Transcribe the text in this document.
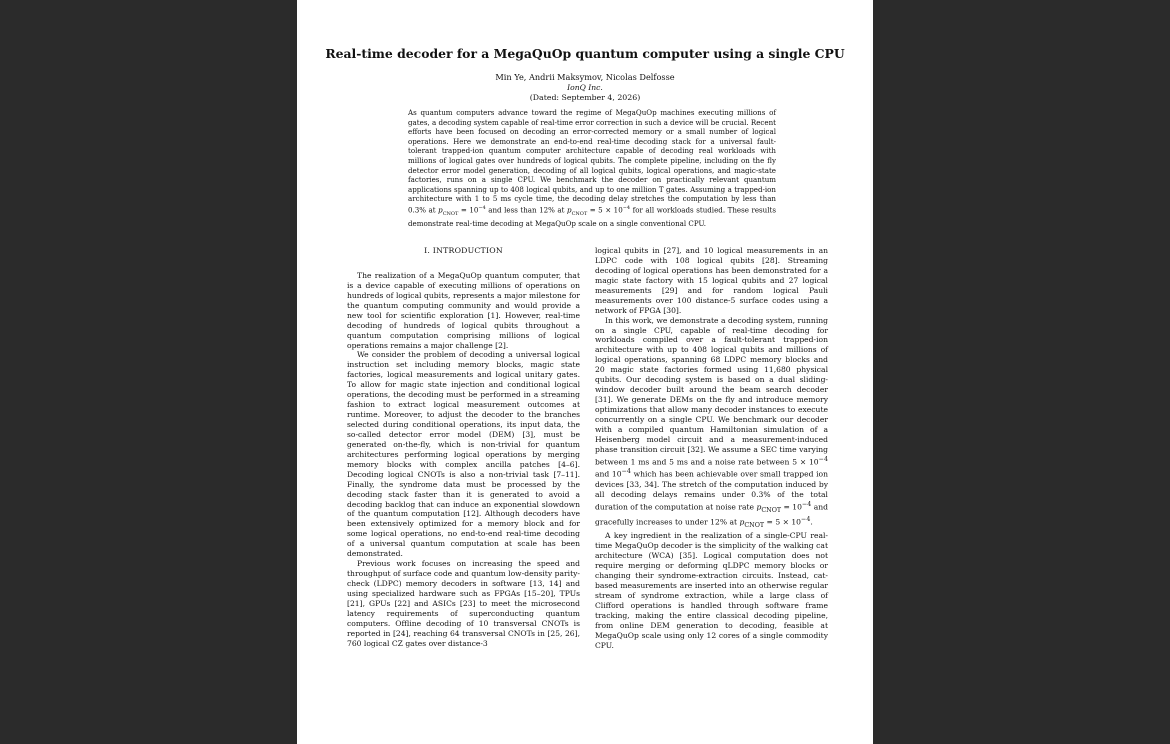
Real-time decoder for a MegaQuOp quantum computer using a single CPU
Min Ye, Andrii Maksymov, Nicolas Delfosse
IonQ Inc.
(Dated: September 4, 2026)

As quantum computers advance toward the regime of MegaQuOp machines executing millions of gates, a decoding system capable of real-time error correction in such a device will be crucial. Recent efforts have been focused on decoding an error-corrected memory or a small number of logical operations. Here we demonstrate an end-to-end real-time decoding stack for a universal fault-tolerant trapped-ion quantum computer architecture capable of decoding real workloads with millions of logical gates over hundreds of logical qubits. The complete pipeline, including on the fly detector error model generation, decoding of all logical qubits, logical operations, and magic-state factories, runs on a single CPU. We benchmark the decoder on practically relevant quantum applications spanning up to 408 logical qubits, and up to one million T gates. Assuming a trapped-ion architecture with 1 to 5 ms cycle time, the decoding delay stretches the computation by less than 0.3% at $p_{CNOT} = 10^{-4}$ and less than 12% at $p_{CNOT} = 5 \times 10^{-4}$ for all workloads studied. These results demonstrate real-time decoding at MegaQuOp scale on a single conventional CPU.

I. INTRODUCTION

The realization of a MegaQuOp quantum computer, that is a device capable of executing millions of operations on hundreds of logical qubits, represents a major milestone for the quantum computing community and would provide a new tool for scientific exploration [1]. However, real-time decoding of hundreds of logical qubits throughout a quantum computation comprising millions of logical operations remains a major challenge [2].

We consider the problem of decoding a universal logical instruction set including memory blocks, magic state factories, logical measurements and logical unitary gates. To allow for magic state injection and conditional logical operations, the decoding must be performed in a streaming fashion to extract logical measurement outcomes at runtime. Moreover, to adjust the decoder to the branches selected during conditional operations, its input data, the so-called detector error model (DEM) [3], must be generated on-the-fly, which is non-trivial for quantum architectures performing logical operations by merging memory blocks with complex ancilla patches [4–6]. Decoding logical CNOTs is also a non-trivial task [7–11]. Finally, the syndrome data must be processed by the decoding stack faster than it is generated to avoid a decoding backlog that can induce an exponential slowdown of the quantum computation [12]. Although decoders have been extensively optimized for a memory block and for some logical operations, no end-to-end real-time decoding of a universal quantum computation at scale has been demonstrated.

Previous work focuses on increasing the speed and throughput of surface code and quantum low-density parity-check (LDPC) memory decoders in software [13, 14] and using specialized hardware such as FPGAs [15–20], TPUs [21], GPUs [22] and ASICs [23] to meet the microsecond latency requirements of superconducting quantum computers. Offline decoding of 10 transversal CNOTs is reported in [24], reaching 64 transversal CNOTs in [25, 26], 760 logical CZ gates over distance-3

logical qubits in [27], and 10 logical measurements in an LDPC code with 108 logical qubits [28]. Streaming decoding of logical operations has been demonstrated for a magic state factory with 15 logical qubits and 27 logical measurements [29] and for random logical Pauli measurements over 100 distance-5 surface codes using a network of FPGA [30].

In this work, we demonstrate a decoding system, running on a single CPU, capable of real-time decoding for workloads compiled over a fault-tolerant trapped-ion architecture with up to 408 logical qubits and millions of logical operations, spanning 68 LDPC memory blocks and 20 magic state factories formed using 11,680 physical qubits. Our decoding system is based on a dual sliding-window decoder built around the beam search decoder [31]. We generate DEMs on the fly and introduce memory optimizations that allow many decoder instances to execute concurrently on a single CPU. We benchmark our decoder with a compiled quantum Hamiltonian simulation of a Heisenberg model circuit and a measurement-induced phase transition circuit [32]. We assume a SEC time varying between 1 ms and 5 ms and a noise rate between $5 \times 10^{-4}$ and $10^{-4}$ which has been achievable over small trapped ion devices [33, 34]. The stretch of the computation induced by all decoding delays remains under 0.3% of the total duration of the computation at noise rate $p_{CNOT} = 10^{-4}$ and gracefully increases to under 12% at $p_{CNOT} = 5 \times 10^{-4}$.

A key ingredient in the realization of a single-CPU real-time MegaQuOp decoder is the simplicity of the walking cat architecture (WCA) [35]. Logical computation does not require merging or deforming qLDPC memory blocks or changing their syndrome-extraction circuits. Instead, cat-based measurements are inserted into an otherwise regular stream of syndrome extraction, while a large class of Clifford operations is handled through software frame tracking, making the entire classical decoding pipeline, from online DEM generation to decoding, feasible at MegaQuOp scale using only 12 cores of a single commodity CPU.
